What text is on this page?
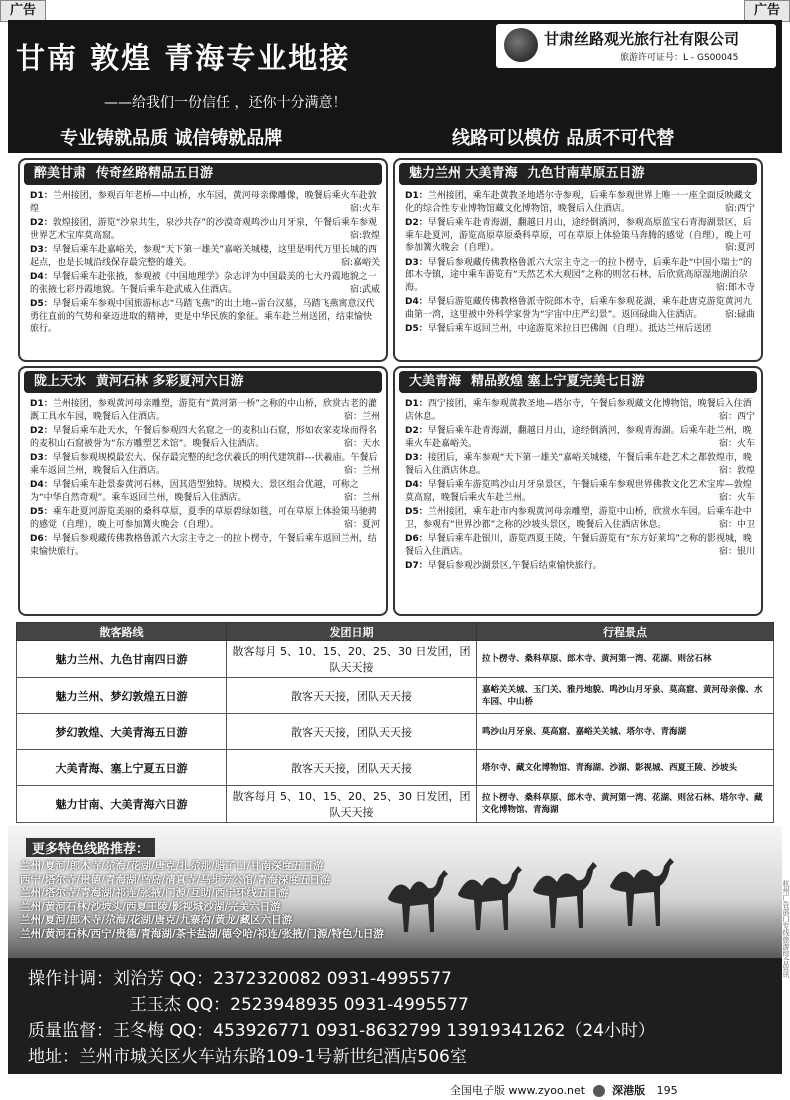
广告	广告
甘南 敦煌 青海专业地接
甘肃丝路观光旅行社有限公司
旅游许可证号：L - GS00045
——给我们一份信任 ，还你十分满意！
专业铸就品质 诚信铸就品牌	线路可以模仿 品质不可代替
醉美甘肃 传奇丝路精品五日游
D1：兰州接团，参观百年老桥—中山桥，水车园，黄河母亲像雕像，晚餐后乘火车赴敦煌	宿:火车
D2：敦煌接团，游览“沙泉共生，泉沙共存”的沙漠奇观鸣沙山月牙泉，午餐后乘车参观世界艺术宝库莫高窟。	宿:敦煌
D3：早餐后乘车赴嘉峪关，参观“天下第一雄关”嘉峪关城楼，这里是明代万里长城的西起点，也是长城沿线保存最完整的雄关。	宿:嘉峪关
D4：早餐后乘车赴张掖，参观被《中国地理学》杂志评为中国最美的七大丹霞地貌之一的张掖七彩丹霞地貌。午餐后乘车赴武威入住酒店。	宿:武威
D5：早餐后乘车参观中国旅游标志“马踏飞燕”的出土地--雷台汉墓，马踏飞燕寓意汉代勇往直前的气势和豪迈进取的精神，更是中华民族的象征。乘车赴兰州送团，结束愉快旅行。
魅力兰州 大美青海 九色甘南草原五日游
D1：兰州接团，乘车赴黄教圣地塔尔寺参观，后乘车参观世界上唯一一座全面反映藏文化的综合性专业博物馆藏文化博物馆，晚餐后入住酒店。	宿:西宁
D2：早餐后乘车赴青海湖，翻越日月山，途经倒淌河，参观高原蓝宝石青海湖景区，后乘车赴夏河，游览高原草原桑科草原，可在草原上体验策马奔腾的感觉（自理），晚上可参加篝火晚会（自理）。	宿:夏河
D3：早餐后参观藏传佛教格鲁派六大宗主寺之一的拉卜楞寺，后乘车赴“中国小瑞士”的郎木寺镇，途中乘车游览有“天然艺术大观园”之称的则岔石林，后欣赏高原湿地湖泊尕海。	宿:郎木寺
D4：早餐后游览藏传佛教格鲁派寺院郎木寺，后乘车参观花湖，乘车赴唐克游览黄河九曲第一湾，这里被中外科学家誉为“宇宙中庄严幻景”。返回碌曲入住酒店。	宿:碌曲
D5：早餐后乘车返回兰州，中途游览米拉日巴佛阁（自理）。抵达兰州后送团
陇上天水 黄河石林 多彩夏河六日游
D1：兰州接团，参观黄河母亲雕塑，游览有“黄河第一桥”之称的中山桥，欣赏古老的灌溉工具水车园，晚餐后入住酒店。	宿：兰州
D2：早餐后乘车赴天水，午餐后参观四大名窟之一的麦积山石窟，形如农家麦垛而得名的麦积山石窟被誉为“东方雕塑艺术馆”。晚餐后入住酒店。	宿：天水
D3：早餐后参观规模最宏大、保存最完整的纪念伏羲氏的明代建筑群---伏羲庙。午餐后乘车返回兰州，晚餐后入住酒店。	宿：兰州
D4：早餐后乘车赴景泰黄河石林，因其造型独特。规模大、景区组合优越，可称之为“中华自然奇观”。乘车返回兰州，晚餐后入住酒店。	宿：兰州
D5：乘车赴夏河游览美丽的桑科草原，夏季的草原碧绿如毯，可在草原上体验策马驰骋的感觉（自理），晚上可参加篝火晚会（自理）。	宿：夏河
D6：早餐后参观藏传佛教格鲁派六大宗主寺之一的拉卜楞寺，午餐后乘车返回兰州，结束愉快旅行。
大美青海 精品敦煌 塞上宁夏完美七日游
D1：西宁接团，乘车参观黄教圣地—塔尔寺，午餐后参观藏文化博物馆，晚餐后入住酒店休息。	宿：西宁
D2：早餐后乘车赴青海湖，翻越日月山，途经倒淌河，参观青海湖。后乘车赴兰州，晚乘火车赴嘉峪关。	宿：火车
D3：接团后，乘车参观“天下第一雄关”嘉峪关城楼，午餐后乘车赴艺术之都敦煌市，晚餐后入住酒店休息。	宿：敦煌
D4：早餐后乘车游览鸣沙山月牙泉景区，午餐后乘车参观世界佛教文化艺术宝库—敦煌莫高窟，晚餐后乘火车赴兰州。	宿：火车
D5：兰州接团，乘车赴市内参观黄河母亲雕塑，游览中山桥，欣赏水车园。后乘车赴中卫，参观有“世界沙都”之称的沙坡头景区，晚餐后入住酒店休息。	宿：中卫
D6：早餐后乘车赴银川，游览西夏王陵，午餐后游览有“东方好莱坞”之称的影视城，晚餐后入住酒店。	宿：银川
D7：早餐后参观沙湖景区,午餐后结束愉快旅行。
散客路线	发团日期	行程景点
魅力兰州、九色甘南四日游	散客每月 5、10、15、20、25、30 日发团，团队天天接	拉卜楞寺、桑科草原、郎木寺、黄河第一湾、花湖、则岔石林
魅力兰州、梦幻敦煌五日游	散客天天接，团队天天接	嘉峪关关城、玉门关、雅丹地貌、鸣沙山月牙泉、莫高窟、黄河母亲像、水车园、中山桥
梦幻敦煌、大美青海五日游	散客天天接，团队天天接	鸣沙山月牙泉、莫高窟、嘉峪关关城、塔尔寺、青海湖
大美青海、塞上宁夏五日游	散客天天接，团队天天接	塔尔寺、藏文化博物馆、青海湖、沙湖、影视城、西夏王陵、沙坡头
魅力甘南、大美青海六日游	散客每月 5、10、15、20、25、30 日发团，团队天天接	拉卜楞寺、桑科草原、郎木寺、黄河第一湾、花湖、则岔石林、塔尔寺、藏文化博物馆、青海湖
更多特色线路推荐：
兰州/夏河/郎木寺/尕海/花湖/唐克/扎尕那/腊子口/甘南深度五日游
西宁/塔尔寺/贵德/青海湖/鸟岛/清真寺/马步芳公馆/青海深度五日游
兰州/塔尔寺/青海湖/祁连/张掖/门源/互助/西宁环线五日游
兰州/黄河石林/沙坡头/西夏王陵/影视城沙湖/完美六日游
兰州/夏河/郎木寺/尕海/花湖/唐克/九寨沟/黄龙/藏区六日游
兰州/黄河石林/西宁/贵德/青海湖/茶卡盐湖/德令哈/祁连/张掖/门源/特色九日游
操作计调：刘治芳 QQ：2372320082 0931-4995577
王玉杰 QQ：2523948935 0931-4995577
质量监督：王冬梅 QQ：453926771 0931-8632799 13919341262（24小时）
地址：兰州市城关区火车站东路109-1号新世纪酒店506室
杭州广告部门专线旅游综合资讯
全国电子版 www.zyoo.net 深港版 195
